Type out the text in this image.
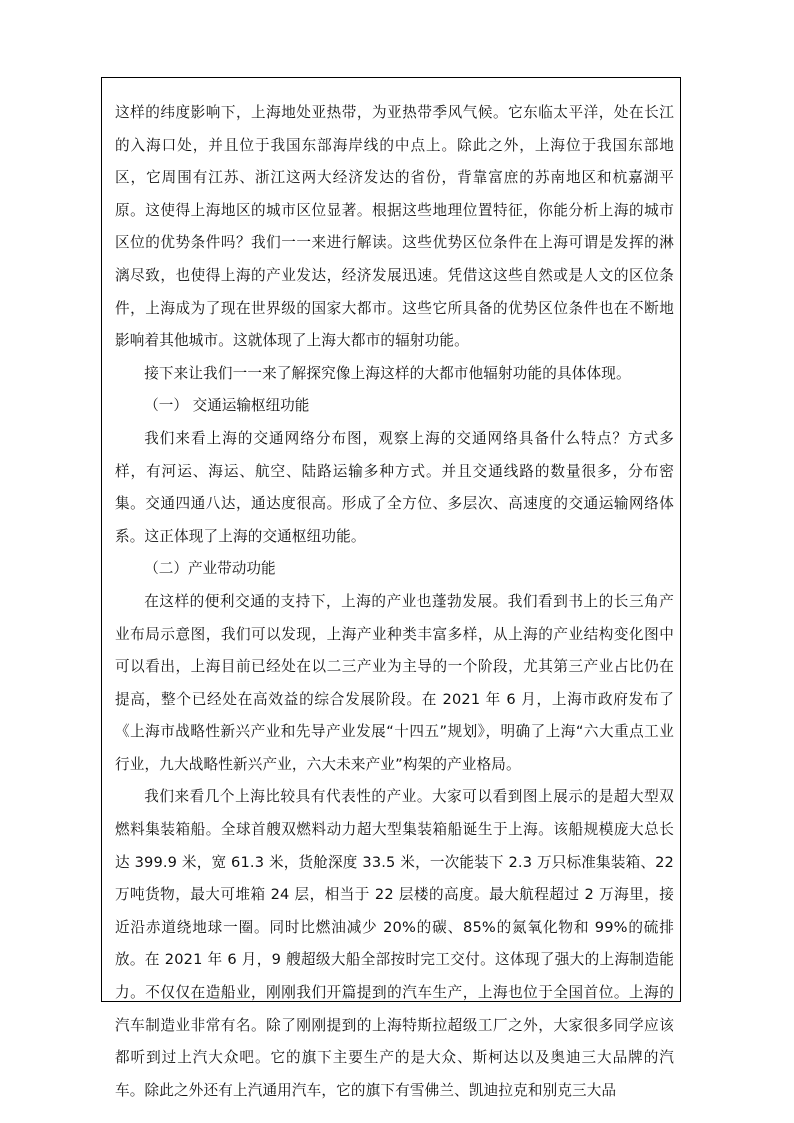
这样的纬度影响下，上海地处亚热带，为亚热带季风气候。它东临太平洋，处在长江的入海口处，并且位于我国东部海岸线的中点上。除此之外，上海位于我国东部地区，它周围有江苏、浙江这两大经济发达的省份，背靠富庶的苏南地区和杭嘉湖平原。这使得上海地区的城市区位显著。根据这些地理位置特征，你能分析上海的城市区位的优势条件吗？我们一一来进行解读。这些优势区位条件在上海可谓是发挥的淋漓尽致，也使得上海的产业发达，经济发展迅速。凭借这这些自然或是人文的区位条件，上海成为了现在世界级的国家大都市。这些它所具备的优势区位条件也在不断地影响着其他城市。这就体现了上海大都市的辐射功能。

接下来让我们一一来了解探究像上海这样的大都市他辐射功能的具体体现。

（一） 交通运输枢纽功能

我们来看上海的交通网络分布图，观察上海的交通网络具备什么特点？方式多样，有河运、海运、航空、陆路运输多种方式。并且交通线路的数量很多，分布密集。交通四通八达，通达度很高。形成了全方位、多层次、高速度的交通运输网络体系。这正体现了上海的交通枢纽功能。

（二）产业带动功能

在这样的便利交通的支持下，上海的产业也蓬勃发展。我们看到书上的长三角产业布局示意图，我们可以发现，上海产业种类丰富多样，从上海的产业结构变化图中可以看出，上海目前已经处在以二三产业为主导的一个阶段，尤其第三产业占比仍在提高，整个已经处在高效益的综合发展阶段。在 2021 年 6 月，上海市政府发布了《上海市战略性新兴产业和先导产业发展“十四五”规划》，明确了上海“六大重点工业行业，九大战略性新兴产业，六大未来产业”构架的产业格局。

我们来看几个上海比较具有代表性的产业。大家可以看到图上展示的是超大型双燃料集装箱船。全球首艘双燃料动力超大型集装箱船诞生于上海。该船规模庞大总长达 399.9 米，宽 61.3 米，货舱深度 33.5 米，一次能装下 2.3 万只标准集装箱、22 万吨货物，最大可堆箱 24 层，相当于 22 层楼的高度。最大航程超过 2 万海里，接近沿赤道绕地球一圈。同时比燃油减少 20%的碳、85%的氮氧化物和 99%的硫排放。在 2021 年 6 月，9 艘超级大船全部按时完工交付。这体现了强大的上海制造能力。不仅仅在造船业，刚刚我们开篇提到的汽车生产，上海也位于全国首位。上海的汽车制造业非常有名。除了刚刚提到的上海特斯拉超级工厂之外，大家很多同学应该都听到过上汽大众吧。它的旗下主要生产的是大众、斯柯达以及奥迪三大品牌的汽车。除此之外还有上汽通用汽车，它的旗下有雪佛兰、凯迪拉克和别克三大品
